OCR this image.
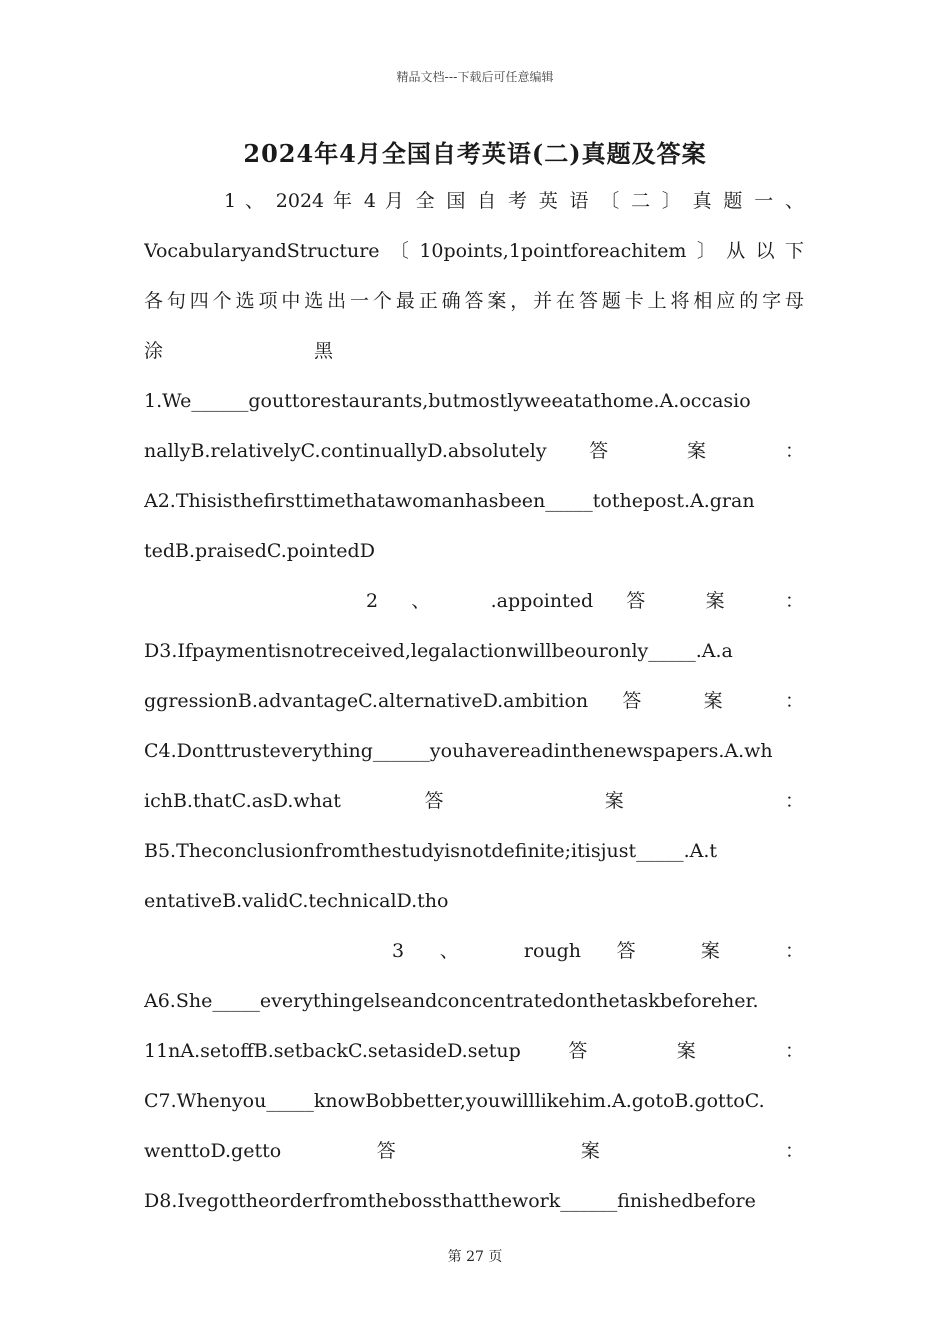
精品文档---下载后可任意编辑
2024年4月全国自考英语(二)真题及答案
1 、 2024 年 4 月 全 国 自 考 英 语 〔 二 〕 真 题 一 、
VocabularyandStructure〔10points,1pointforeachitem〕从以下
各句四个选项中选出一个最正确答案，并在答题卡上将相应的字母
涂                         黑
1.We______gouttorestaurants,butmostlyweeatathome.A.occasio
nallyB.relativelyC.continuallyD.absolutely 答 案 ：
A2.Thisisthefirsttimethatawomanhasbeen_____tothepost.A.gran
tedB.praisedC.pointedD
2 、 .appointed 答 案 ：
D3.Ifpaymentisnotreceived,legalactionwillbeouronly_____.A.a
ggressionB.advantageC.alternativeD.ambition 答 案 ：
C4.Donttrusteverything______youhavereadinthenewspapers.A.wh
ichB.thatC.asD.what 答 案 ：
B5.Theconclusionfromthestudyisnotdefinite;itisjust_____.A.t
entativeB.validC.technicalD.tho
3 、 rough 答 案 ：
A6.She_____everythingelseandconcentratedonthetaskbeforeher.
11nA.setoffB.setbackC.setasideD.setup 答 案 ：
C7.Whenyou_____knowBobbetter,youwilllikehim.A.gotoB.gottoC.
wenttoD.getto 答 案 ：
D8.Ivegottheorderfromthebossthatthework______finishedbefore
第 27 页
